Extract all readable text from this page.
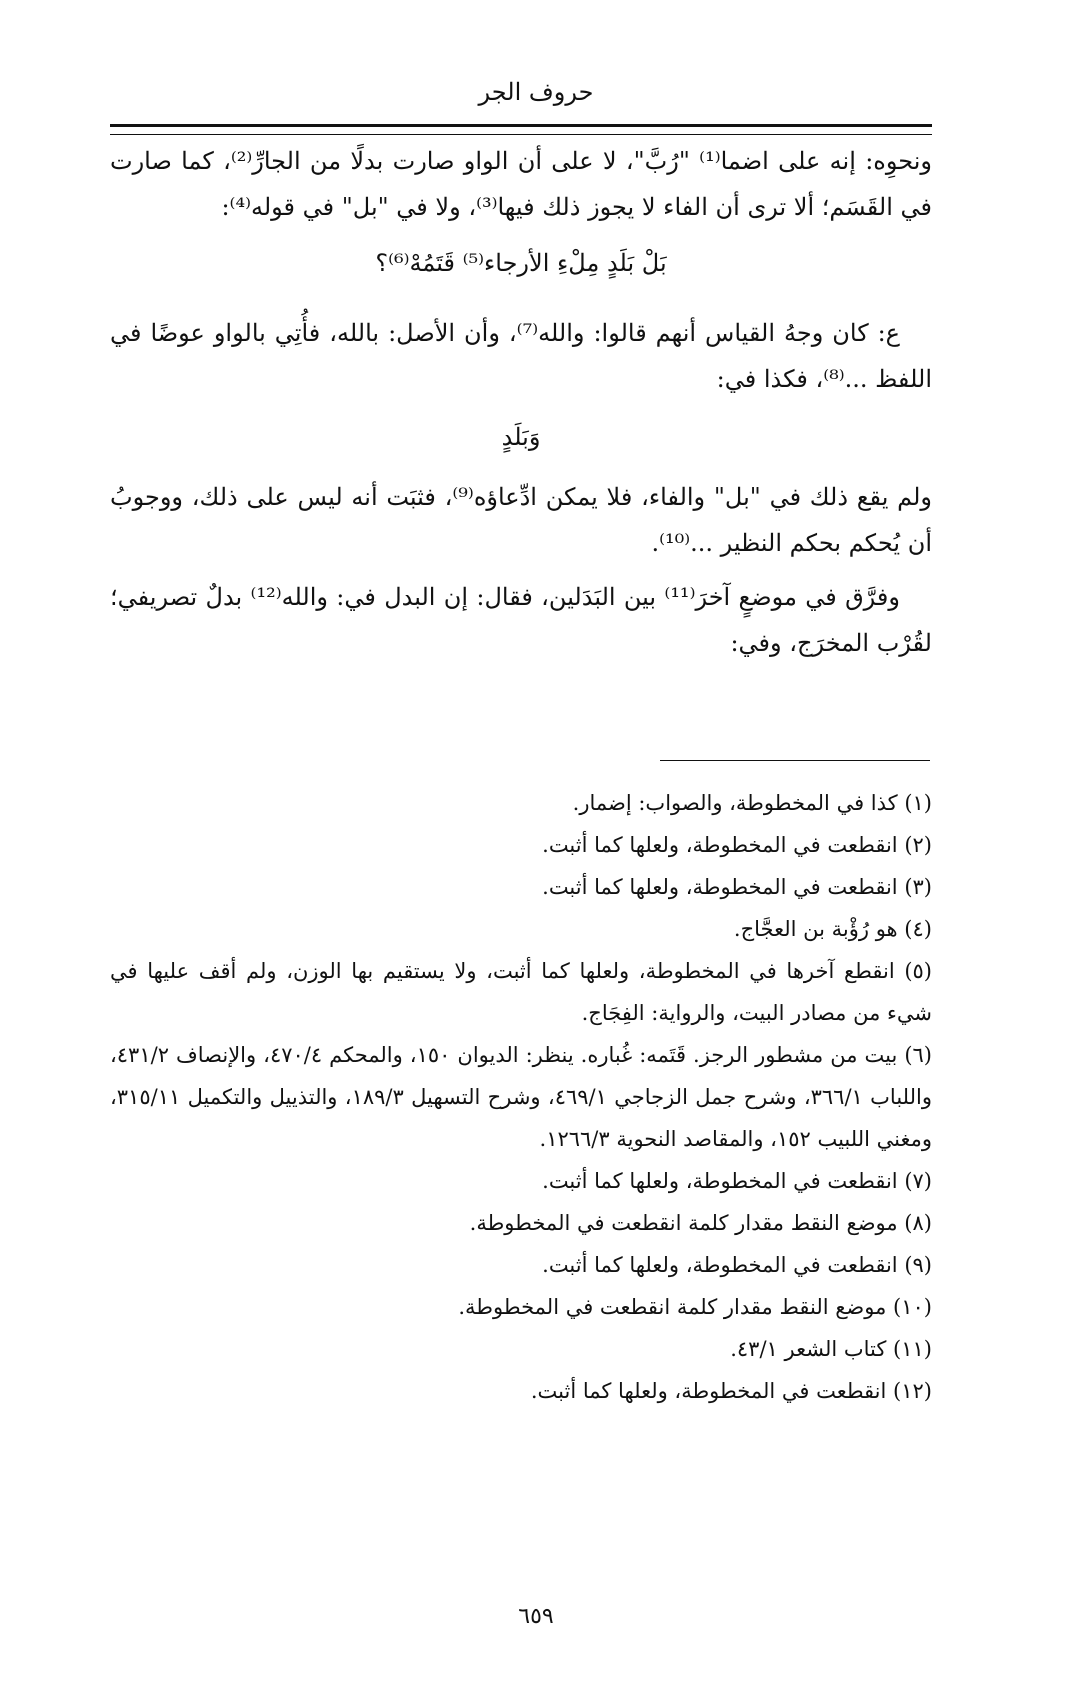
حروف الجر

ونحوِه: إنه على اضما⁽¹⁾ "رُبَّ"، لا على أن الواو صارت بدلًا من الجارِّ⁽²⁾، كما صارت في القَسَم؛ ألا ترى أن الفاء لا يجوز ذلك فيها⁽³⁾، ولا في "بل" في قوله⁽⁴⁾:

بَلْ بَلَدٍ مِلْءِ الأرجاء⁽⁵⁾ قَتَمُهْ⁽⁶⁾؟

ع: كان وجهُ القياس أنهم قالوا: والله⁽⁷⁾، وأن الأصل: بالله، فأُتِي بالواو عوضًا في اللفظ ...⁽⁸⁾، فكذا في:

وَبَلَدٍ

ولم يقع ذلك في "بل" والفاء، فلا يمكن ادِّعاؤه⁽⁹⁾، فثبَت أنه ليس على ذلك، ووجوبُ أن يُحكم بحكم النظير ...⁽¹⁰⁾.

وفرَّق في موضعٍ آخرَ⁽¹¹⁾ بين البَدَلين، فقال: إن البدل في: والله⁽¹²⁾ بدلٌ تصريفي؛ لقُرْب المخرَج، وفي:

(١) كذا في المخطوطة، والصواب: إضمار.
(٢) انقطعت في المخطوطة، ولعلها كما أثبت.
(٣) انقطعت في المخطوطة، ولعلها كما أثبت.
(٤) هو رُؤْبة بن العجَّاج.
(٥) انقطع آخرها في المخطوطة، ولعلها كما أثبت، ولا يستقيم بها الوزن، ولم أقف عليها في شيء من مصادر البيت، والرواية: الفِجَاج.
(٦) بيت من مشطور الرجز. قَتَمه: غُباره. ينظر: الديوان ١٥٠، والمحكم ٤٧٠/٤، والإنصاف ٤٣١/٢، واللباب ٣٦٦/١، وشرح جمل الزجاجي ٤٦٩/١، وشرح التسهيل ١٨٩/٣، والتذييل والتكميل ٣١٥/١١، ومغني اللبيب ١٥٢، والمقاصد النحوية ١٢٦٦/٣.
(٧) انقطعت في المخطوطة، ولعلها كما أثبت.
(٨) موضع النقط مقدار كلمة انقطعت في المخطوطة.
(٩) انقطعت في المخطوطة، ولعلها كما أثبت.
(١٠) موضع النقط مقدار كلمة انقطعت في المخطوطة.
(١١) كتاب الشعر ٤٣/١.
(١٢) انقطعت في المخطوطة، ولعلها كما أثبت.
٦٥٩
